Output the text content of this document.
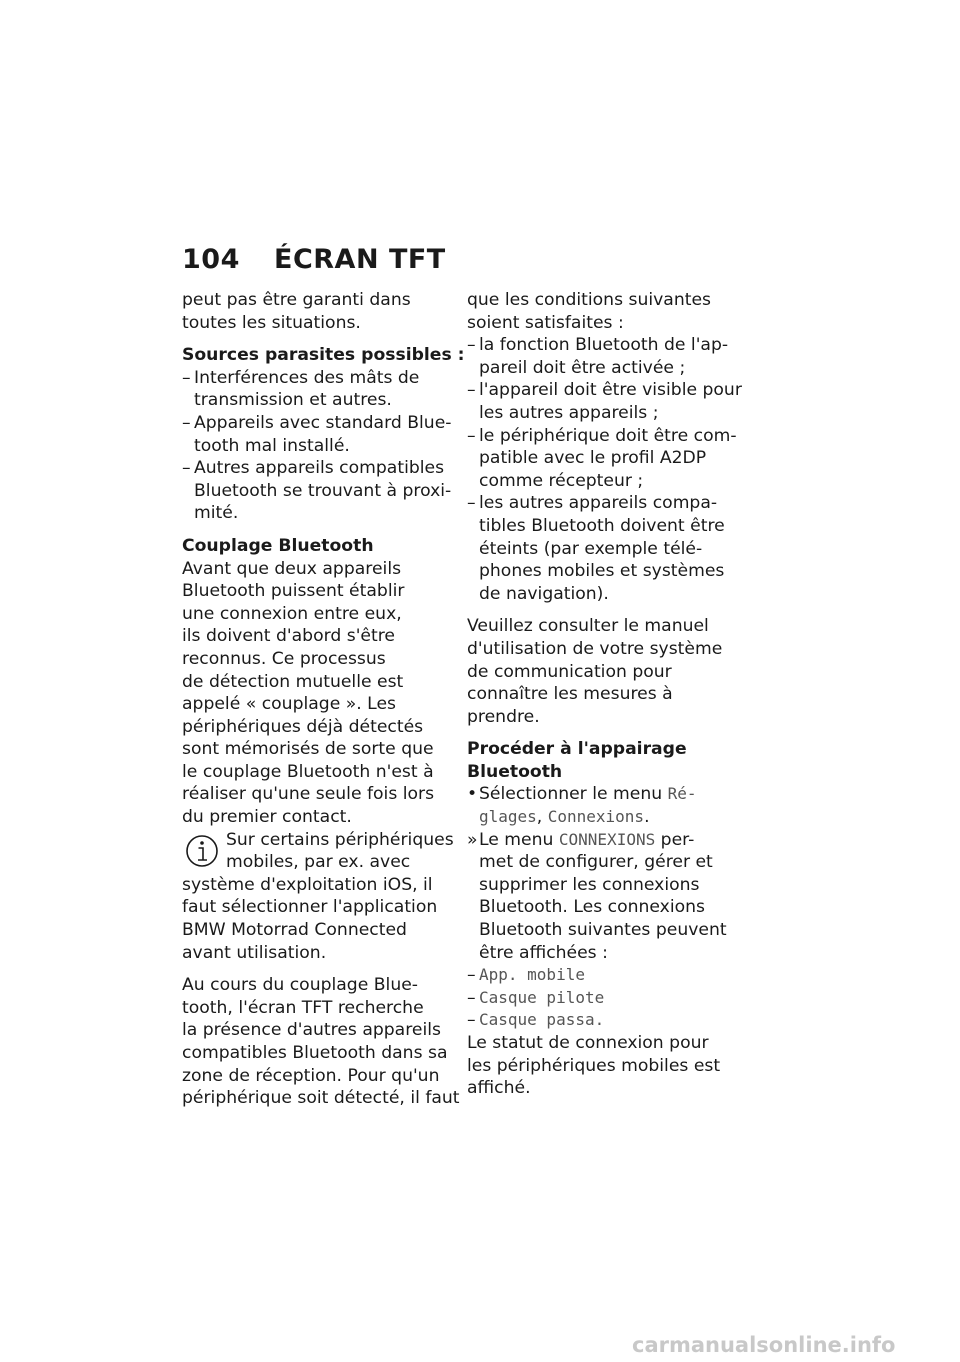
104 ÉCRAN TFT
peut pas être garanti dans
toutes les situations.
Sources parasites possibles :
– Interférences des mâts de
transmission et autres.
– Appareils avec standard Blue-
tooth mal installé.
– Autres appareils compatibles
Bluetooth se trouvant à proxi-
mité.
Couplage Bluetooth
Avant que deux appareils
Bluetooth puissent établir
une connexion entre eux,
ils doivent d'abord s'être
reconnus. Ce processus
de détection mutuelle est
appelé « couplage ». Les
périphériques déjà détectés
sont mémorisés de sorte que
le couplage Bluetooth n'est à
réaliser qu'une seule fois lors
du premier contact.
Sur certains périphériques
mobiles, par ex. avec
système d'exploitation iOS, il
faut sélectionner l'application
BMW Motorrad Connected
avant utilisation.
Au cours du couplage Blue-
tooth, l'écran TFT recherche
la présence d'autres appareils
compatibles Bluetooth dans sa
zone de réception. Pour qu'un
périphérique soit détecté, il faut
que les conditions suivantes
soient satisfaites :
– la fonction Bluetooth de l'ap-
pareil doit être activée ;
– l'appareil doit être visible pour
les autres appareils ;
– le périphérique doit être com-
patible avec le profil A2DP
comme récepteur ;
– les autres appareils compa-
tibles Bluetooth doivent être
éteints (par exemple télé-
phones mobiles et systèmes
de navigation).
Veuillez consulter le manuel
d'utilisation de votre système
de communication pour
connaître les mesures à
prendre.
Procéder à l'appairage
Bluetooth
• Sélectionner le menu Ré-
glages, Connexions.
» Le menu CONNEXIONS per-
met de configurer, gérer et
supprimer les connexions
Bluetooth. Les connexions
Bluetooth suivantes peuvent
être affichées :
– App. mobile
– Casque pilote
– Casque passa.
Le statut de connexion pour
les périphériques mobiles est
affiché.
carmanualsonline.info
